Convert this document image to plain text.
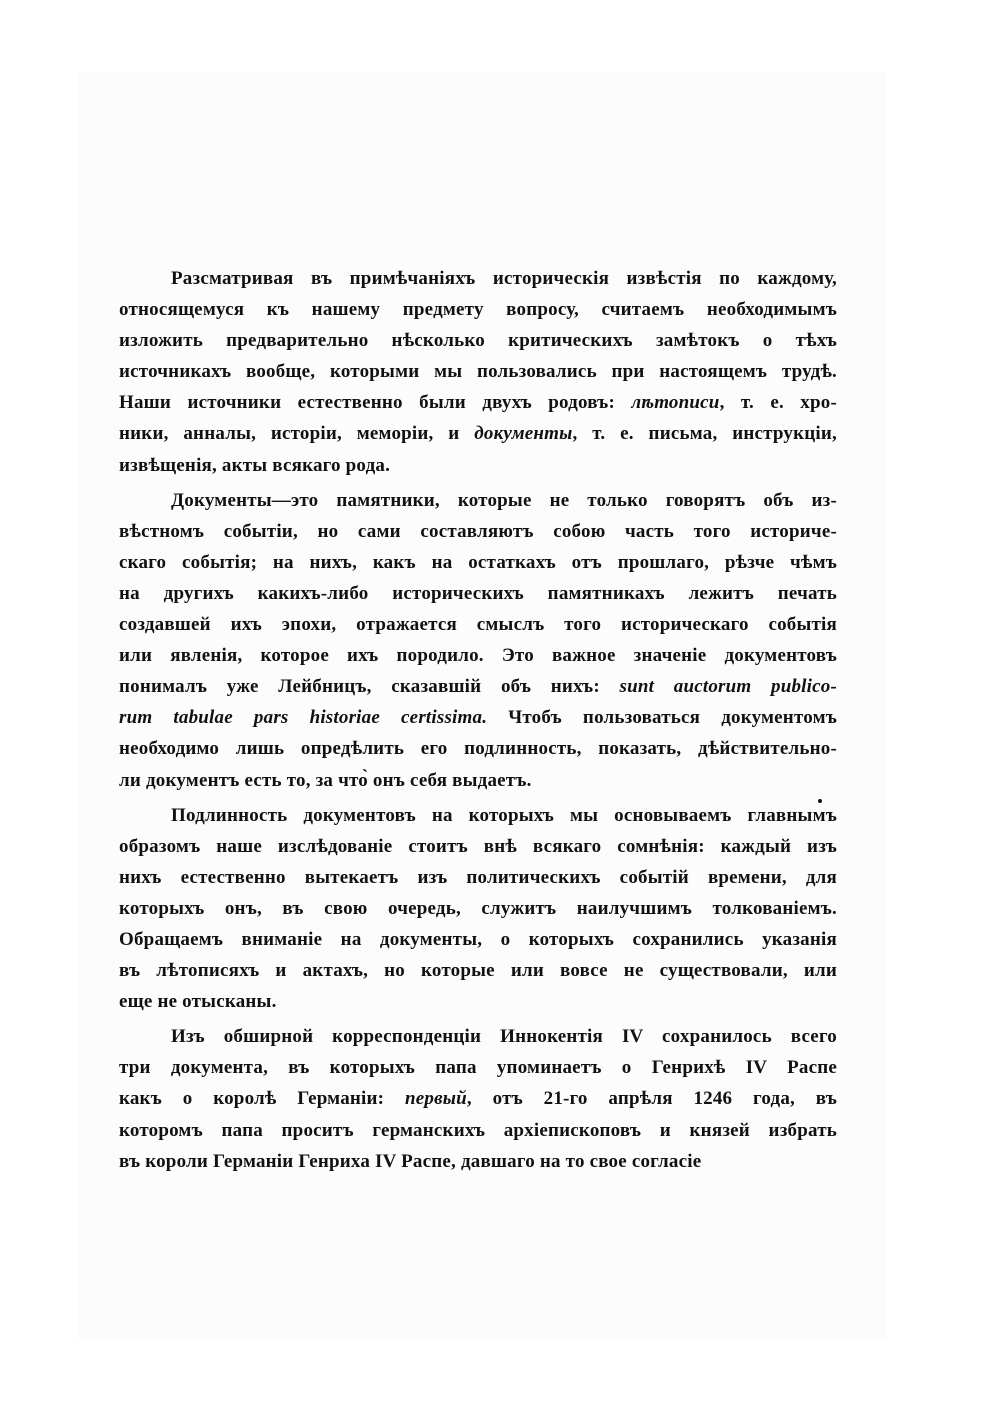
Разсматривая въ примѣчаніяхъ историческія извѣстія по каждому,
относящемуся къ нашему предмету вопросу, считаемъ необходимымъ
изложить предварительно нѣсколько критическихъ замѣтокъ о тѣхъ
источникахъ вообще, которыми мы пользовались при настоящемъ трудѣ.
Наши источники естественно были двухъ родовъ: лѣтописи, т. е. хро-
ники, анналы, исторіи, меморіи, и документы, т. е. письма, инструкціи,
извѣщенія, акты всякаго рода.
Документы—это памятники, которые не только говорятъ объ из-
вѣстномъ событіи, но сами составляютъ собою часть того историче-
скаго событія; на нихъ, какъ на остаткахъ отъ прошлаго, рѣзче чѣмъ
на другихъ какихъ-либо историческихъ памятникахъ лежитъ печать
создавшей ихъ эпохи, отражается смыслъ того историческаго событія
или явленія, которое ихъ породило. Это важное значеніе документовъ
понималъ уже Лейбницъ, сказавшій объ нихъ: sunt auctorum publico-
rum tabulae pars historiae certissima. Чтобъ пользоваться документомъ
необходимо лишь опредѣлить его подлинность, показать, дѣйствительно-
ли документъ есть то, за что̀ онъ себя выдаетъ.
Подлинность документовъ на которыхъ мы основываемъ главнымъ
образомъ наше изслѣдованіе стоитъ внѣ всякаго сомнѣнія: каждый изъ
нихъ естественно вытекаетъ изъ политическихъ событій времени, для
которыхъ онъ, въ свою очередь, служитъ наилучшимъ толкованіемъ.
Обращаемъ вниманіе на документы, о которыхъ сохранились указанія
въ лѣтописяхъ и актахъ, но которые или вовсе не существовали, или
еще не отысканы.
Изъ обширной корреспонденціи Иннокентія IV сохранилось всего
три документа, въ которыхъ папа упоминаетъ о Генрихѣ IV Распе
какъ о королѣ Германіи: первый, отъ 21-го апрѣля 1246 года, въ
которомъ папа проситъ германскихъ архіепископовъ и князей избрать
въ короли Германіи Генриха IV Распе, давшаго на то свое согласіе
